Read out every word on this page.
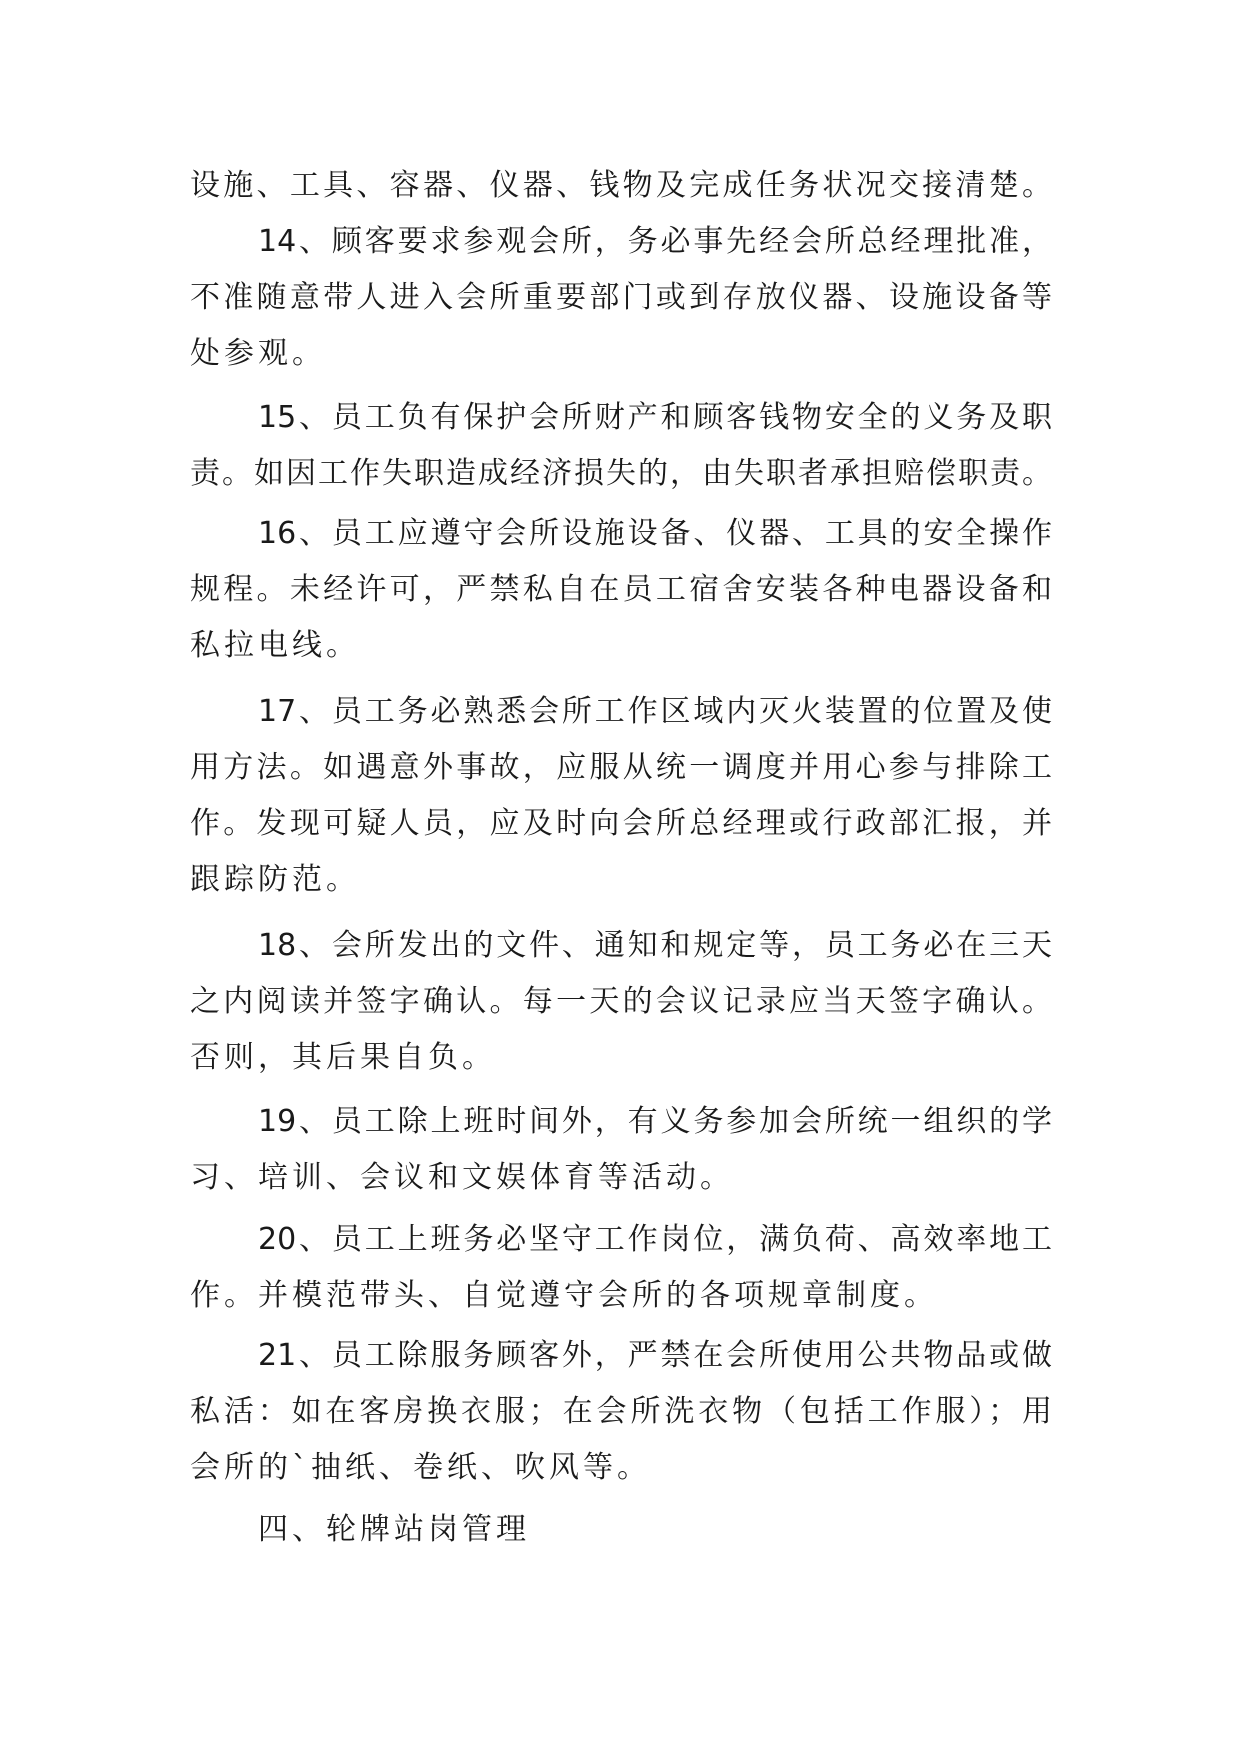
设施、工具、容器、仪器、钱物及完成任务状况交接清楚。
14、顾客要求参观会所，务必事先经会所总经理批准，
不准随意带人进入会所重要部门或到存放仪器、设施设备等
处参观。
15、员工负有保护会所财产和顾客钱物安全的义务及职
责。如因工作失职造成经济损失的，由失职者承担赔偿职责。
16、员工应遵守会所设施设备、仪器、工具的安全操作
规程。未经许可，严禁私自在员工宿舍安装各种电器设备和
私拉电线。
17、员工务必熟悉会所工作区域内灭火装置的位置及使
用方法。如遇意外事故，应服从统一调度并用心参与排除工
作。发现可疑人员，应及时向会所总经理或行政部汇报，并
跟踪防范。
18、会所发出的文件、通知和规定等，员工务必在三天
之内阅读并签字确认。每一天的会议记录应当天签字确认。
否则，其后果自负。
19、员工除上班时间外，有义务参加会所统一组织的学
习、培训、会议和文娱体育等活动。
20、员工上班务必坚守工作岗位，满负荷、高效率地工
作。并模范带头、自觉遵守会所的各项规章制度。
21、员工除服务顾客外，严禁在会所使用公共物品或做
私活：如在客房换衣服；在会所洗衣物（包括工作服）；用
会所的`抽纸、卷纸、吹风等。
四、轮牌站岗管理
